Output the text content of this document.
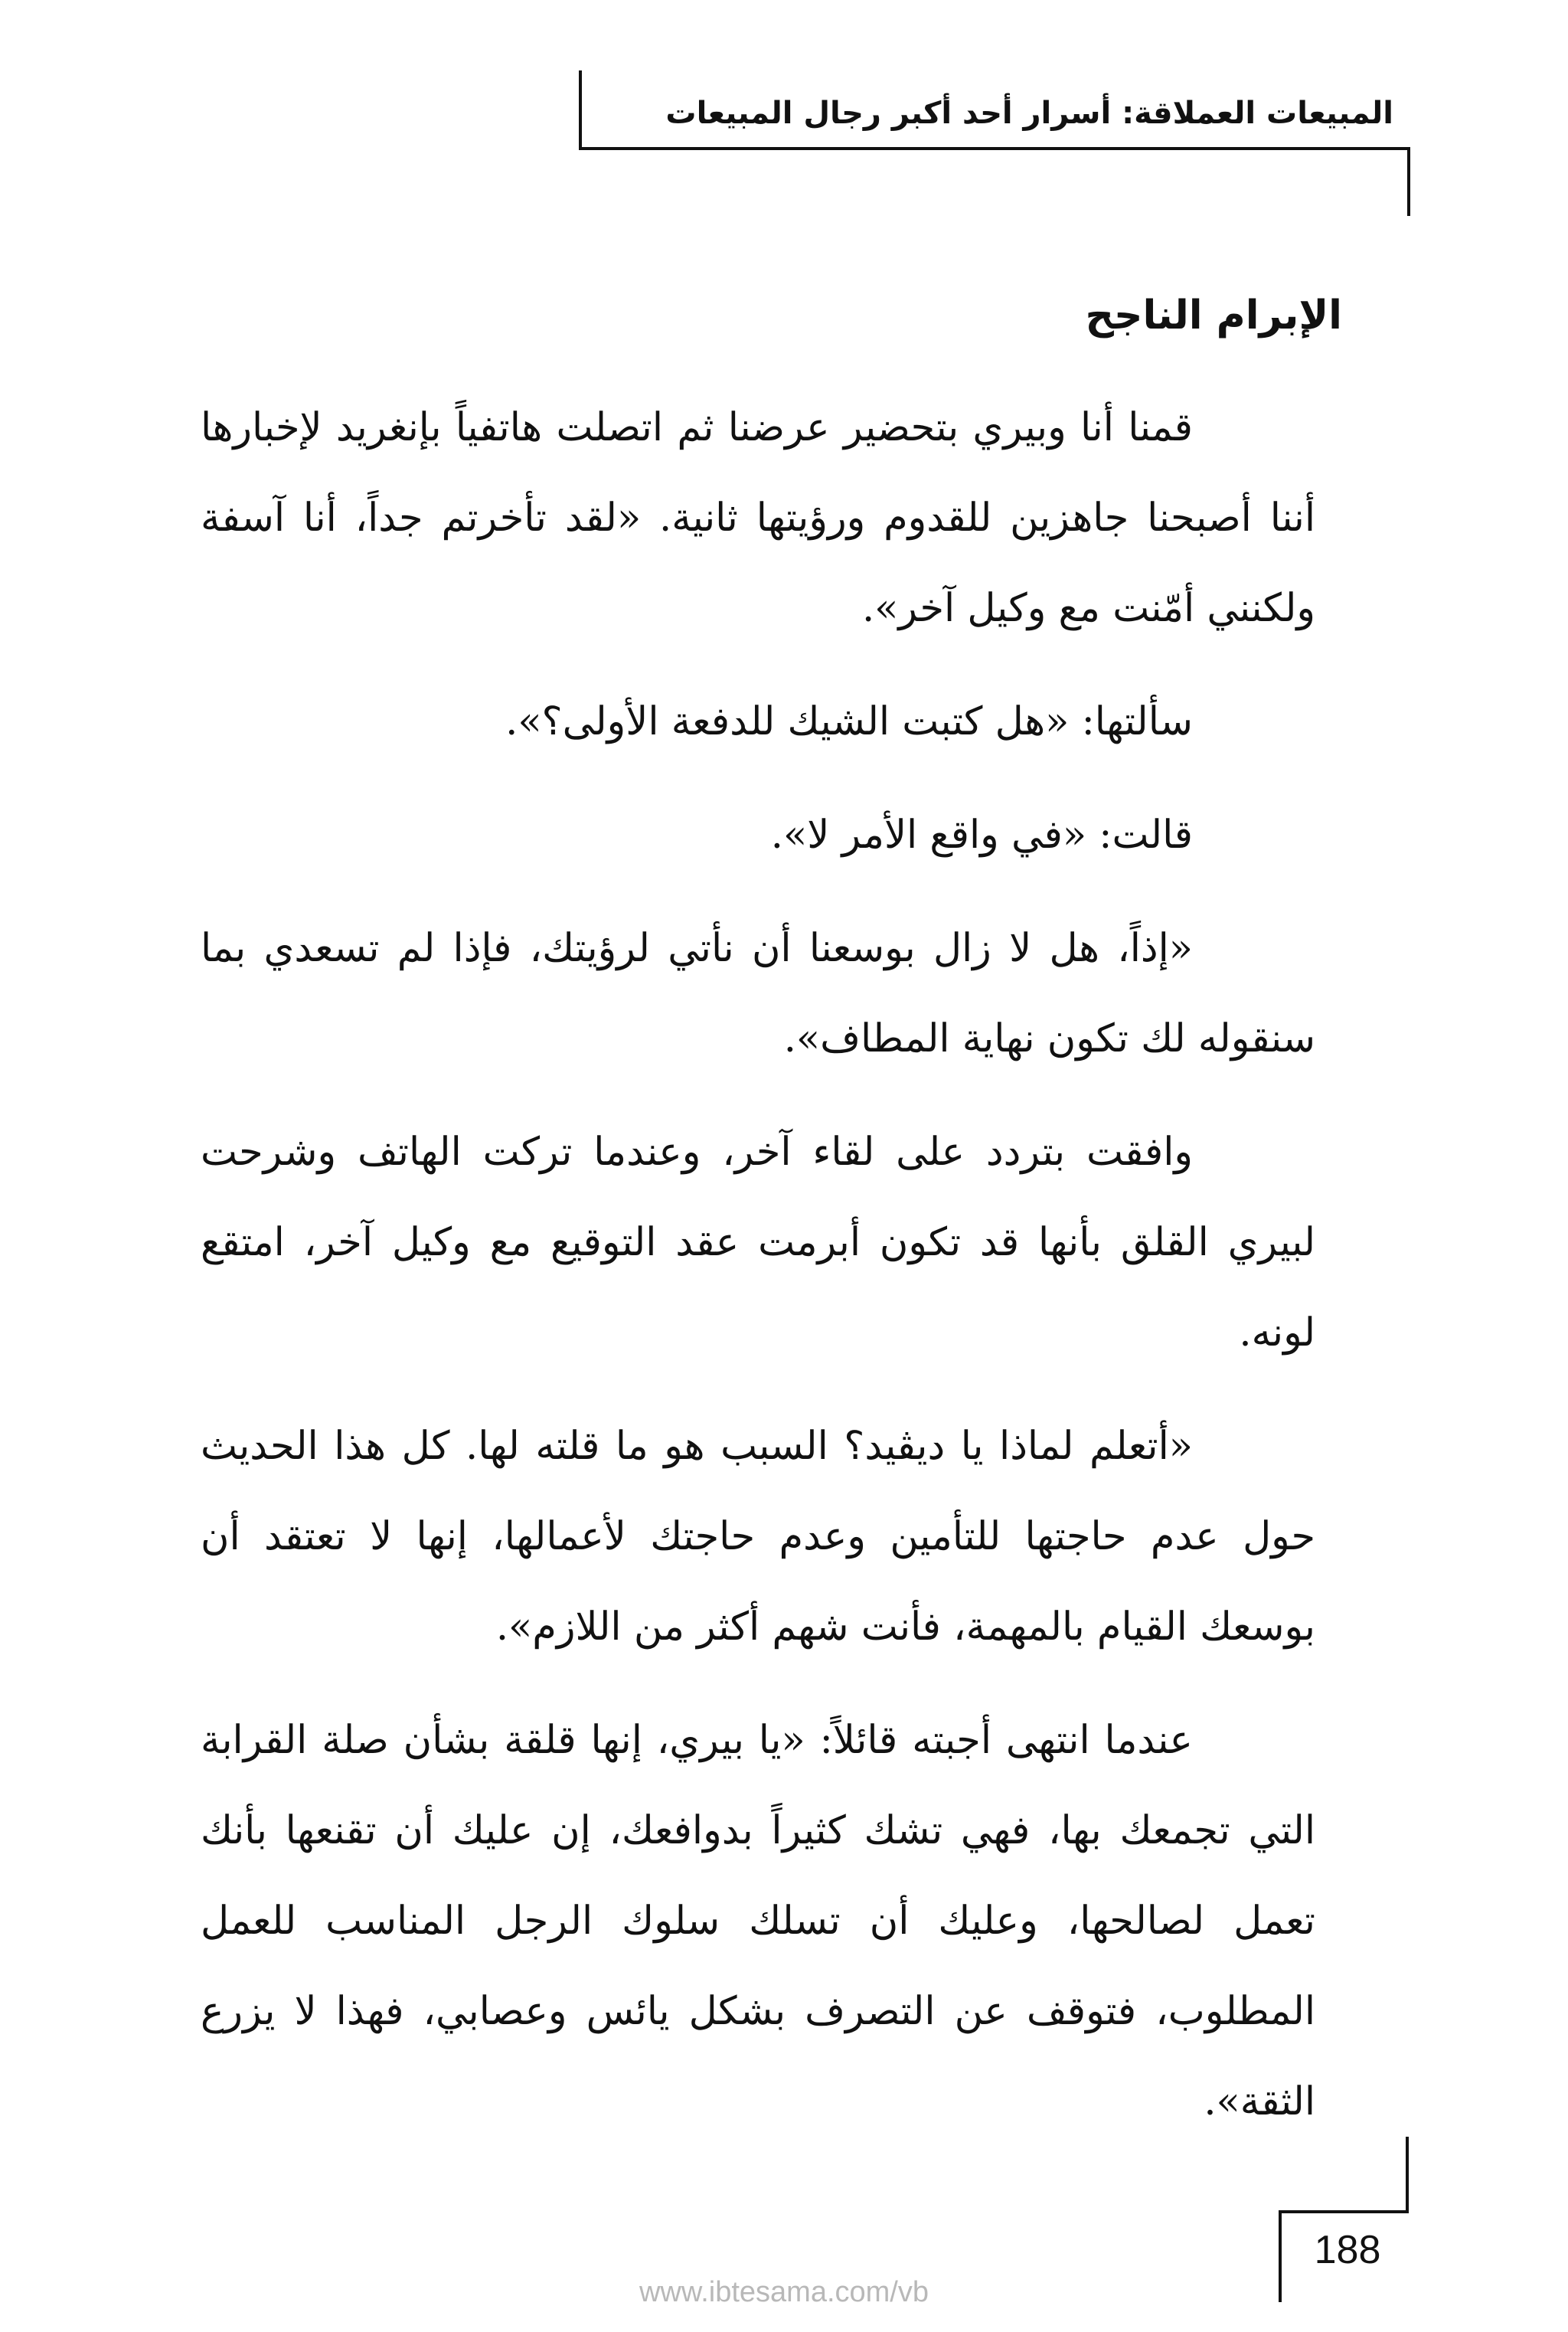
المبيعات العملاقة: أسرار أحد أكبر رجال المبيعات
الإبرام الناجح

قمنا أنا وبيري بتحضير عرضنا ثم اتصلت هاتفياً بإنغريد لإخبارها أننا أصبحنا جاهزين للقدوم ورؤيتها ثانية. «لقد تأخرتم جداً، أنا آسفة ولكنني أمّنت مع وكيل آخر».

سألتها: «هل كتبت الشيك للدفعة الأولى؟».

قالت: «في واقع الأمر لا».

«إذاً، هل لا زال بوسعنا أن نأتي لرؤيتك، فإذا لم تسعدي بما سنقوله لك تكون نهاية المطاف».

وافقت بتردد على لقاء آخر، وعندما تركت الهاتف وشرحت لبيري القلق بأنها قد تكون أبرمت عقد التوقيع مع وكيل آخر، امتقع لونه.

«أتعلم لماذا يا ديڤيد؟ السبب هو ما قلته لها. كل هذا الحديث حول عدم حاجتها للتأمين وعدم حاجتك لأعمالها، إنها لا تعتقد أن بوسعك القيام بالمهمة، فأنت شهم أكثر من اللازم».

عندما انتهى أجبته قائلاً: «يا بيري، إنها قلقة بشأن صلة القرابة التي تجمعك بها، فهي تشك كثيراً بدوافعك، إن عليك أن تقنعها بأنك تعمل لصالحها، وعليك أن تسلك سلوك الرجل المناسب للعمل المطلوب، فتوقف عن التصرف بشكل يائس وعصابي، فهذا لا يزرع الثقة».

188
www.ibtesama.com/vb
